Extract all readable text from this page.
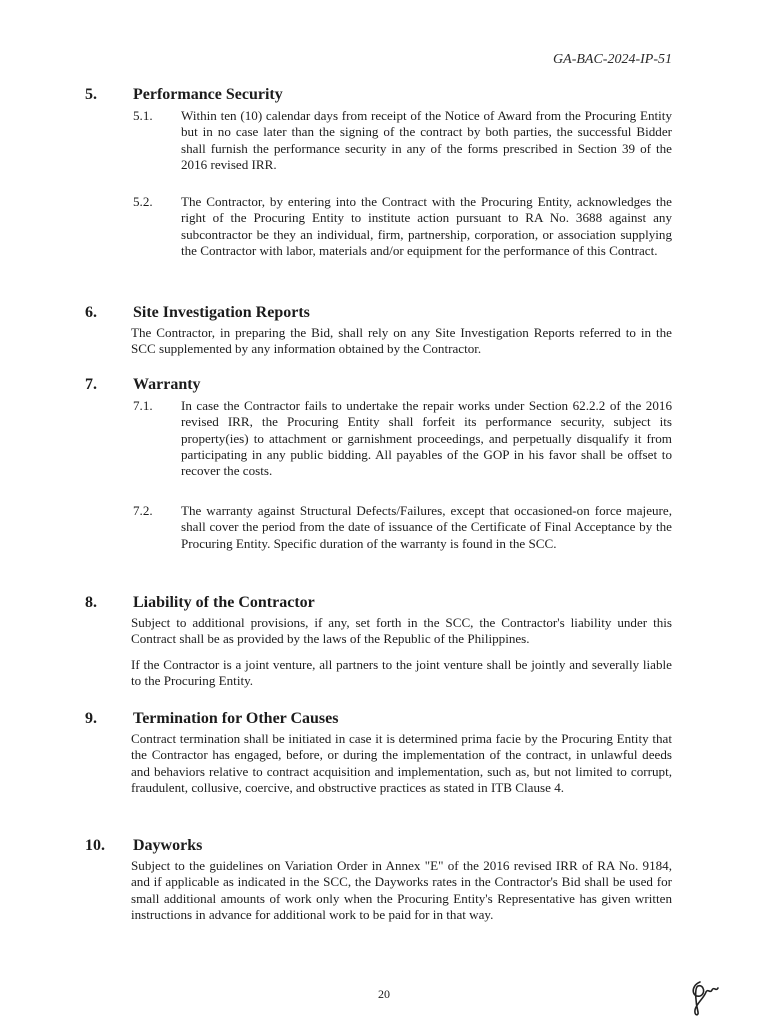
GA-BAC-2024-IP-51
5. Performance Security
5.1. Within ten (10) calendar days from receipt of the Notice of Award from the Procuring Entity but in no case later than the signing of the contract by both parties, the successful Bidder shall furnish the performance security in any of the forms prescribed in Section 39 of the 2016 revised IRR.

5.2. The Contractor, by entering into the Contract with the Procuring Entity, acknowledges the right of the Procuring Entity to institute action pursuant to RA No. 3688 against any subcontractor be they an individual, firm, partnership, corporation, or association supplying the Contractor with labor, materials and/or equipment for the performance of this Contract.

6. Site Investigation Reports

The Contractor, in preparing the Bid, shall rely on any Site Investigation Reports referred to in the SCC supplemented by any information obtained by the Contractor.

7. Warranty
7.1. In case the Contractor fails to undertake the repair works under Section 62.2.2 of the 2016 revised IRR, the Procuring Entity shall forfeit its performance security, subject its property(ies) to attachment or garnishment proceedings, and perpetually disqualify it from participating in any public bidding. All payables of the GOP in his favor shall be offset to recover the costs.

7.2. The warranty against Structural Defects/Failures, except that occasioned-on force majeure, shall cover the period from the date of issuance of the Certificate of Final Acceptance by the Procuring Entity. Specific duration of the warranty is found in the SCC.

8. Liability of the Contractor

Subject to additional provisions, if any, set forth in the SCC, the Contractor's liability under this Contract shall be as provided by the laws of the Republic of the Philippines.

If the Contractor is a joint venture, all partners to the joint venture shall be jointly and severally liable to the Procuring Entity.

9. Termination for Other Causes

Contract termination shall be initiated in case it is determined prima facie by the Procuring Entity that the Contractor has engaged, before, or during the implementation of the contract, in unlawful deeds and behaviors relative to contract acquisition and implementation, such as, but not limited to corrupt, fraudulent, collusive, coercive, and obstructive practices as stated in ITB Clause 4.

10. Dayworks

Subject to the guidelines on Variation Order in Annex "E" of the 2016 revised IRR of RA No. 9184, and if applicable as indicated in the SCC, the Dayworks rates in the Contractor's Bid shall be used for small additional amounts of work only when the Procuring Entity's Representative has given written instructions in advance for additional work to be paid for in that way.

20
